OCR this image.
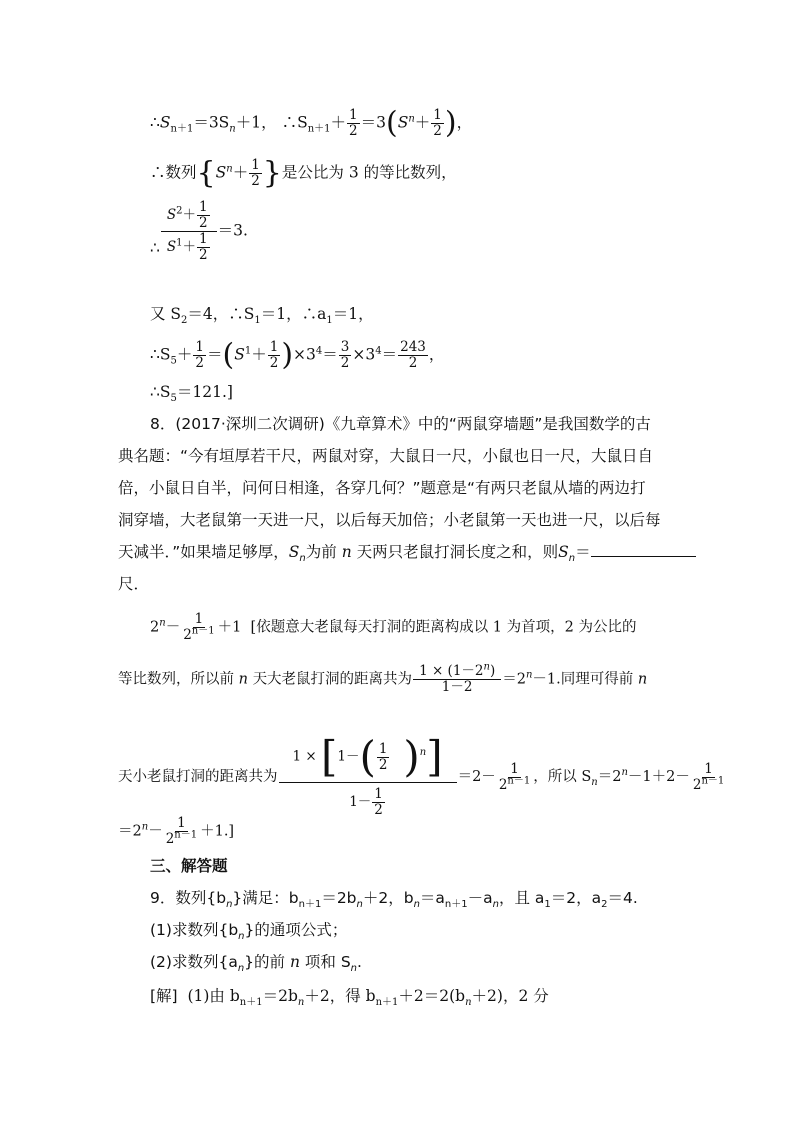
$\therefore S_{n+1}=3S_n+1$， $\therefore S_{n+1}+ \frac{1}{2} =3(S^n+ \frac{1}{2}$ )，
∴数列{$S^n+ \frac{1}{2}$ }是公比为 3 的等比数列，
∴ $\frac{S^2+ \frac{1}{2}}{S^1+ \frac{1}{2}} =3$.
又 $S_2=4$，$\therefore S_1=1$，$\therefore a_1=1$，
$\therefore S_5+ \frac{1}{2} =(S^1+ \frac{1}{2} )\times 3^4= \frac{3}{2} \times 3^4= \frac{243}{2}$ ，
$\therefore S_5=121$.]
8．(2017·深圳二次调研)《九章算术》中的“两鼠穿墙题”是我国数学的古
典名题：“今有垣厚若干尺，两鼠对穿，大鼠日一尺，小鼠也日一尺，大鼠日自
倍，小鼠日自半，问何日相逢，各穿几何？”题意是“有两只老鼠从墙的两边打
洞穿墙，大老鼠第一天进一尺，以后每天加倍；小老鼠第一天也进一尺，以后每
天减半．”如果墙足够厚，$S_n$为前 n 天两只老鼠打洞长度之和，则$S_n=$
尺．
$2^n- \frac{1}{2^{n-1}} +1$ [依题意大老鼠每天打洞的距离构成以 1 为首项，2 为公比的
等比数列，所以前 n 天大老鼠打洞的距离共为 $\frac{1 \times (1-2^n)}{1-2} =2^n-1$.同理可得前 n
天小老鼠打洞的距离共为 $\frac{1 \times [1-( \frac{1}{2} )^n]}{1- \frac{1}{2}} =2- \frac{1}{2^{n-1}}$ ，所以 $S_n=2^n-1+2- \frac{1}{2^{n-1}}$
$=2^n- \frac{1}{2^{n-1}} +1$.]
三、解答题
9．数列$\{b_n\}$满足：$b_{n+1}=2b_n+2$，$b_n=a_{n+1}-a_n$，且 $a_1=2$，$a_2=4$.
(1)求数列$\{b_n\}$的通项公式；
(2)求数列$\{a_n\}$的前 n 项和 $S_n$.
[解] (1)由 $b_{n+1}=2b_n+2$，得 $b_{n+1}+2=2(b_n+2)$，2 分
